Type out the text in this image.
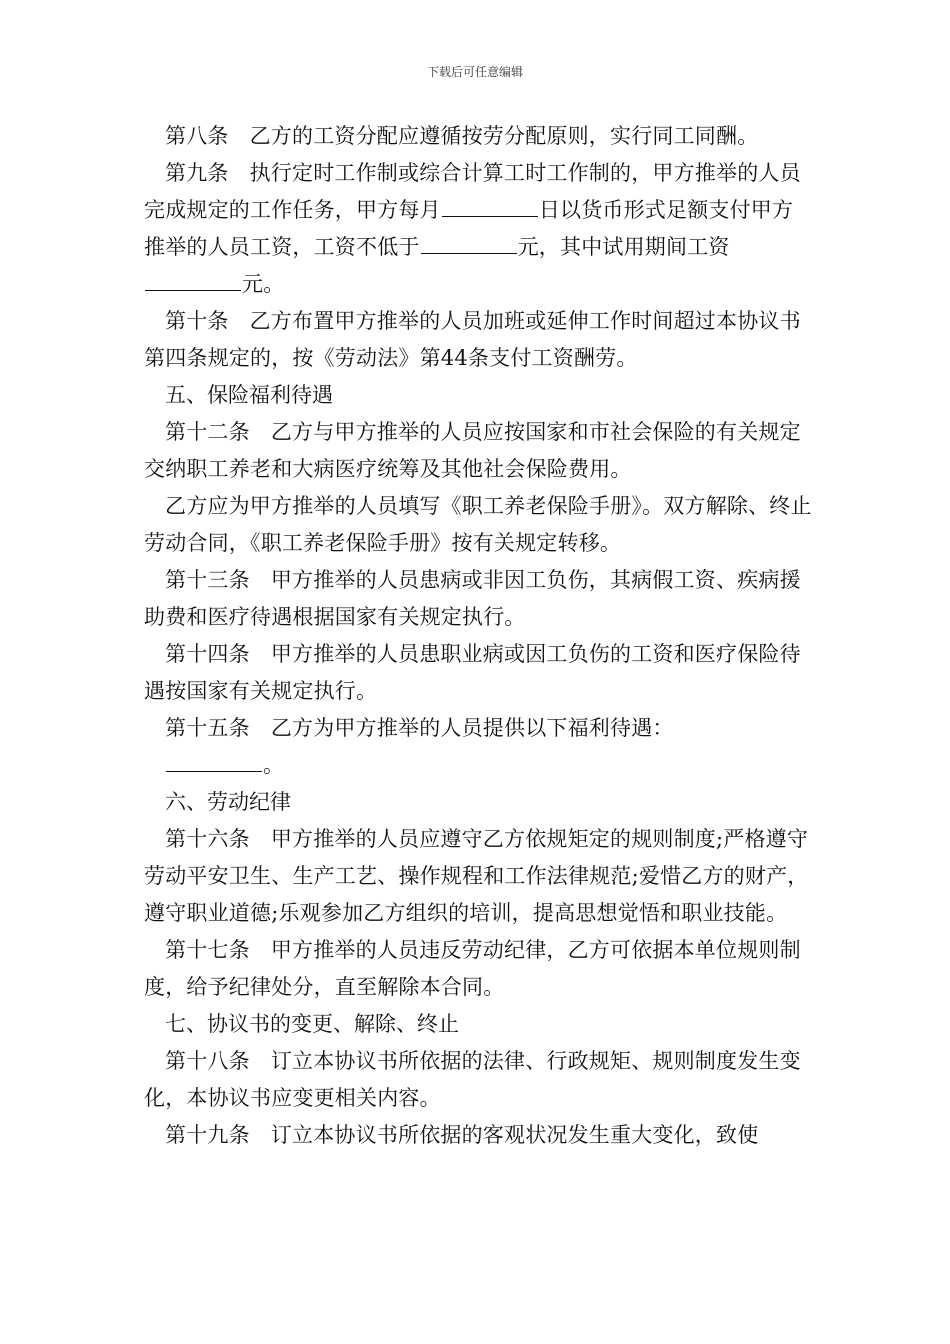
下载后可任意编辑

第八条 乙方的工资分配应遵循按劳分配原则，实行同工同酬。

第九条 执行定时工作制或综合计算工时工作制的，甲方推举的人员完成规定的工作任务，甲方每月	日以货币形式足额支付甲方推举的人员工资，工资不低于	元，其中试用期间工资元。

第十条 乙方布置甲方推举的人员加班或延伸工作时间超过本协议书第四条规定的，按《劳动法》第44条支付工资酬劳。

五、保险福利待遇

第十二条 乙方与甲方推举的人员应按国家和市社会保险的有关规定交纳职工养老和大病医疗统筹及其他社会保险费用。

乙方应为甲方推举的人员填写《职工养老保险手册》。双方解除、终止劳动合同，《职工养老保险手册》按有关规定转移。

第十三条 甲方推举的人员患病或非因工负伤，其病假工资、疾病援助费和医疗待遇根据国家有关规定执行。

第十四条 甲方推举的人员患职业病或因工负伤的工资和医疗保险待遇按国家有关规定执行。

第十五条 乙方为甲方推举的人员提供以下福利待遇：

。

六、劳动纪律

第十六条 甲方推举的人员应遵守乙方依规矩定的规则制度;严格遵守劳动平安卫生、生产工艺、操作规程和工作法律规范;爱惜乙方的财产，遵守职业道德;乐观参加乙方组织的培训，提高思想觉悟和职业技能。

第十七条 甲方推举的人员违反劳动纪律，乙方可依据本单位规则制度，给予纪律处分，直至解除本合同。

七、协议书的变更、解除、终止

第十八条 订立本协议书所依据的法律、行政规矩、规则制度发生变化，本协议书应变更相关内容。

第十九条 订立本协议书所依据的客观状况发生重大变化，致使
